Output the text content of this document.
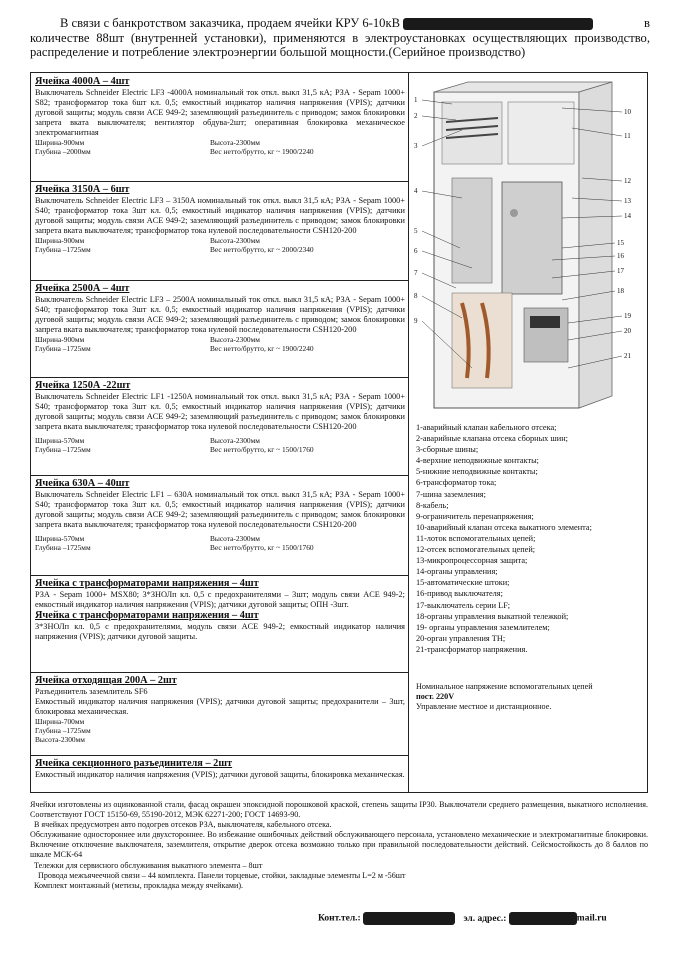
В связи с банкротством заказчика, продаем ячейки КРУ 6-10кВ	в
количестве 88шт (внутренней установки), применяются в электроустановках осуществляющих производство, распределение и потребление электроэнергии большой мощности.(Серийное производство)
Ячейка 4000А – 4шт
Выключатель Schneider Electric LF3 -4000A номинальный ток откл. выкл 31,5 кА; РЗА - Sepam 1000+ S82; трансформатор тока 6шт кл. 0,5; емкостный индикатор наличия напряжения (VPIS); датчики дуговой защиты; модуль связи ACE 949-2; заземляющий разъединитель с приводом; замок блокировки запрета вката выключателя; вентилятор обдува-2шт; оперативная блокировка механическое электромагнитная
Ширина-900мм	Высота-2300мм
Глубина –2000мм	Вес нетто/брутто, кг ~ 1900/2240
Ячейка 3150А – 6шт
Выключатель Schneider Electric LF3 – 3150A номинальный ток откл. выкл 31,5 кА; РЗА - Sepam 1000+ S40; трансформатор тока 3шт кл. 0,5; емкостный индикатор наличия напряжения (VPIS); датчики дуговой защиты; модуль связи ACE 949-2; заземляющий разъединитель с приводом; замок блокировки запрета вката выключателя; трансформатор тока нулевой последовательности CSH120-200
Ширина-900мм	Высота-2300мм
Глубина –1725мм	Вес нетто/брутто, кг ~ 2000/2340
Ячейка 2500А – 4шт
Выключатель Schneider Electric LF3 – 2500A номинальный ток откл. выкл 31,5 кА; РЗА - Sepam 1000+ S40; трансформатор тока 3шт кл. 0,5; емкостный индикатор наличия напряжения (VPIS); датчики дуговой защиты; модуль связи ACE 949-2; заземляющий разъединитель с приводом; замок блокировки запрета вката выключателя; трансформатор тока нулевой последовательности CSH120-200
Ширина-900мм	Высота-2300мм
Глубина –1725мм	Вес нетто/брутто, кг ~ 1900/2240
Ячейка 1250А -22шт
Выключатель Schneider Electric LF1 -1250A номинальный ток откл. выкл 31,5 кА; РЗА - Sepam 1000+ S40; трансформатор тока 3шт кл. 0,5; емкостный индикатор наличия напряжения (VPIS); датчики дуговой защиты; модуль связи ACE 949-2; заземляющий разъединитель с приводом; замок блокировки запрета вката выключателя; трансформатор тока нулевой последовательности CSH120-200
Ширина-570мм	Высота-2300мм
Глубина –1725мм	Вес нетто/брутто, кг ~ 1500/1760
Ячейка 630А – 40шт
Выключатель Schneider Electric LF1 – 630A номинальный ток откл. выкл 31,5 кА; РЗА - Sepam 1000+ S40; трансформатор тока 3шт кл. 0,5; емкостный индикатор наличия напряжения (VPIS); датчики дуговой защиты; модуль связи ACE 949-2; заземляющий разъединитель с приводом; замок блокировки запрета вката выключателя; трансформатор тока нулевой последовательности CSH120-200
Ширина-570мм	Высота-2300мм
Глубина –1725мм	Вес нетто/брутто, кг ~ 1500/1760
Ячейка с трансформаторами напряжения – 4шт
РЗА - Sepam 1000+ MSX80; 3*ЗНОЛп кл. 0,5 с предохранителями – 3шт; модуль связи ACE 949-2; емкостный индикатор наличия напряжения (VPIS); датчики дуговой защиты; ОПН -3шт.
Ячейка с трансформаторами напряжения – 4шт
3*ЗНОЛп кл. 0,5 с предохранителями, модуль связи ACE 949-2; емкостный индикатор наличия напряжения (VPIS); датчики дуговой защиты.
Ячейка отходящая 200А – 2шт
Разъединитель заземлитель SF6
Емкостный индикатор наличия напряжения (VPIS); датчики дуговой защиты; предохранители – 3шт, блокировка механическая.
Ширина-700мм
Глубина –1725мм
Высота-2300мм
Ячейка секционного разъединителя – 2шт
Емкостный индикатор наличия напряжения (VPIS); датчики дуговой защиты, блокировка механическая.
1
2
3
4
5
6
7
8
9
10
11
12
13
14
15
16
17
18
19
20
21
1-аварийный клапан кабельного отсека;
2-аварийные клапана отсека сборных шин;
3-сборные шины;
4-верхние неподвижные контакты;
5-нижние неподвижные контакты;
6-трансформатор тока;
7-шина заземления;
8-кабель;
9-ограничитель перенапряжения;
10-аварийный клапан отсека выкатного элемента;
11-лоток вспомогательных цепей;
12-отсек вспомогательных цепей;
13-микропроцессорная защита;
14-органы управления;
15-автоматические штоки;
16-привод выключателя;
17-выключатель серии LF;
18-органы управления выкатной тележкой;
19- органы управления заземлителем;
20-орган управления ТН;
21-трансформатор напряжения.
Номинальное напряжение вспомогательных цепей
пост. 220V
Управление местное и дистанционное.
Ячейки изготовлены из оцинкованной стали, фасад окрашен эпоксидной порошковой краской, степень защиты IP30. Выключатели среднего размещения, выкатного исполнения. Соответствуют ГОСТ 15150-69, 55190-2012, МЭК 62271-200; ГОСТ 14693-90.
В ячейках предусмотрен авто подогрев отсеков РЗА, выключателя, кабельного отсека.
Обслуживание одностороннее или двухстороннее. Во избежание ошибочных действий обслуживающего персонала, установлено механические и электромагнитные блокировки. Включение отключение выключателя, заземлителя, открытие дверок отсека возможно только при правильной последовательности действий. Сейсмостойкость до 8 баллов по шкале МСК-64
Тележки для сервисного обслуживания выкатного элемента – 8шт
Провода межъячеечной связи – 44 комплекта. Панели торцевые, стойки, закладные элементы L=2 м -56шт
Комплект монтажный (метизы, прокладка между ячейками).
Конт.тел.:	эл. адрес.:	mail.ru
